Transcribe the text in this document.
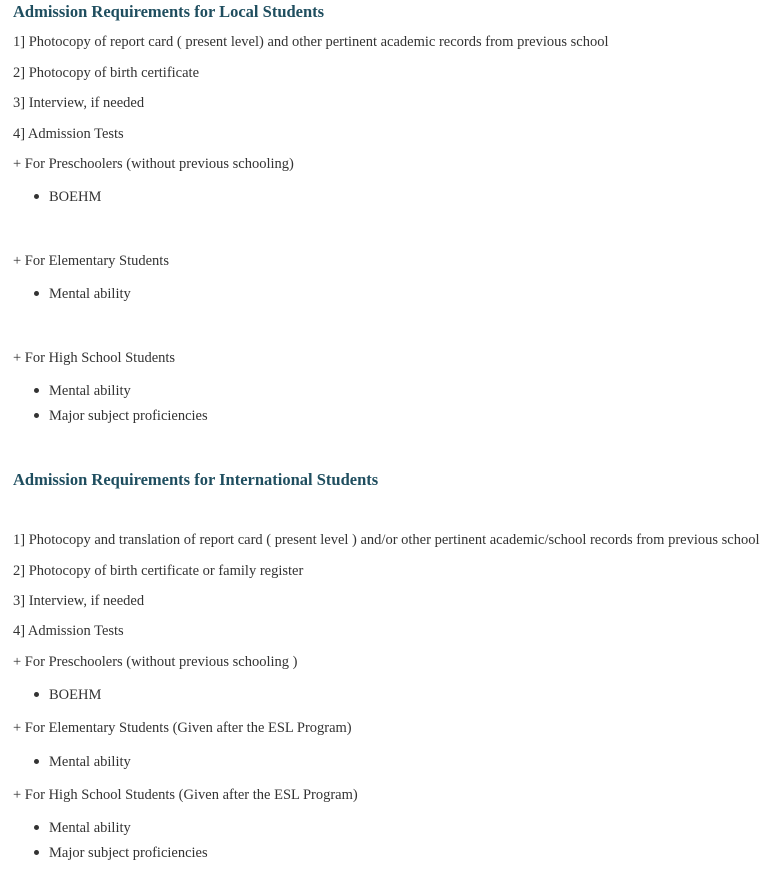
Admission Requirements for Local Students
1] Photocopy of report card ( present level) and other pertinent academic records from previous school
2] Photocopy of birth certificate
3] Interview, if needed
4] Admission Tests
+ For Preschoolers (without previous schooling)
BOEHM
+ For Elementary Students
Mental ability
+ For High School Students
Mental ability
Major subject proficiencies
Admission Requirements for International Students
1] Photocopy and translation of report card ( present level ) and/or other pertinent academic/school records from previous school
2] Photocopy of birth certificate or family register
3] Interview, if needed
4] Admission Tests
+ For Preschoolers (without previous schooling )
BOEHM
+ For Elementary Students (Given after the ESL Program)
Mental ability
+ For High School Students (Given after the ESL Program)
Mental ability
Major subject proficiencies
